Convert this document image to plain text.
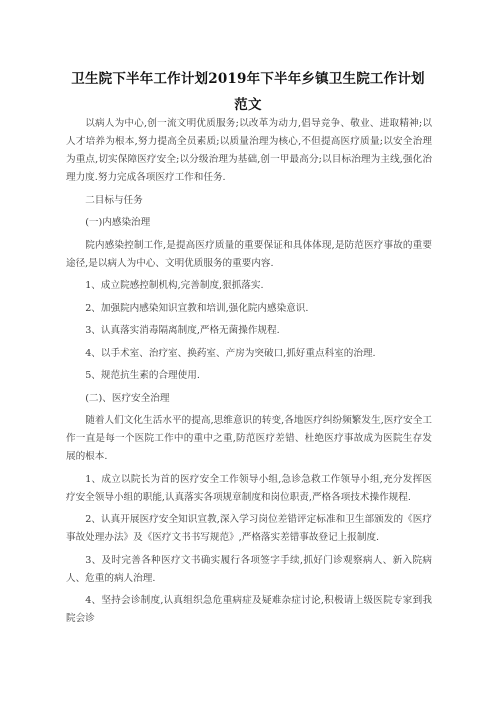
卫生院下半年工作计划2019年下半年乡镇卫生院工作计划
范文

以病人为中心,创一流文明优质服务;以改革为动力,倡导竞争、敬业、进取精神;以人才培养为根本,努力提高全员素质;以质量治理为核心,不但提高医疗质量;以安全治理为重点,切实保障医疗安全;以分级治理为基础,创一甲最高分;以目标治理为主线,强化治理力度.努力完成各项医疗工作和任务.

二目标与任务

(一)内感染治理

院内感染控制工作,是提高医疗质量的重要保证和具体体现,是防范医疗事故的重要途径,是以病人为中心、文明优质服务的重要内容.

1、成立院感控制机构,完善制度,狠抓落实.

2、加强院内感染知识宣教和培训,强化院内感染意识.

3、认真落实消毒隔离制度,严格无菌操作规程.

4、以手术室、治疗室、换药室、产房为突破口,抓好重点科室的治理.

5、规范抗生素的合理使用.

(二)、医疗安全治理

随着人们文化生活水平的提高,思维意识的转变,各地医疗纠纷频繁发生,医疗安全工作一直是每一个医院工作中的重中之重,防范医疗差错、杜绝医疗事故成为医院生存发展的根本.

1、成立以院长为首的医疗安全工作领导小组,急诊急救工作领导小组,充分发挥医疗安全领导小组的职能,认真落实各项规章制度和岗位职责,严格各项技术操作规程.

2、认真开展医疗安全知识宣教,深入学习岗位差错评定标准和卫生部颁发的《医疗事故处理办法》及《医疗文书书写规范》,严格落实差错事故登记上报制度.

3、及时完善各种医疗文书确实履行各项签字手续,抓好门诊观察病人、新入院病人、危重的病人治理.

4、坚持会诊制度,认真组织急危重病症及疑难杂症讨论,积极请上级医院专家到我院会诊
